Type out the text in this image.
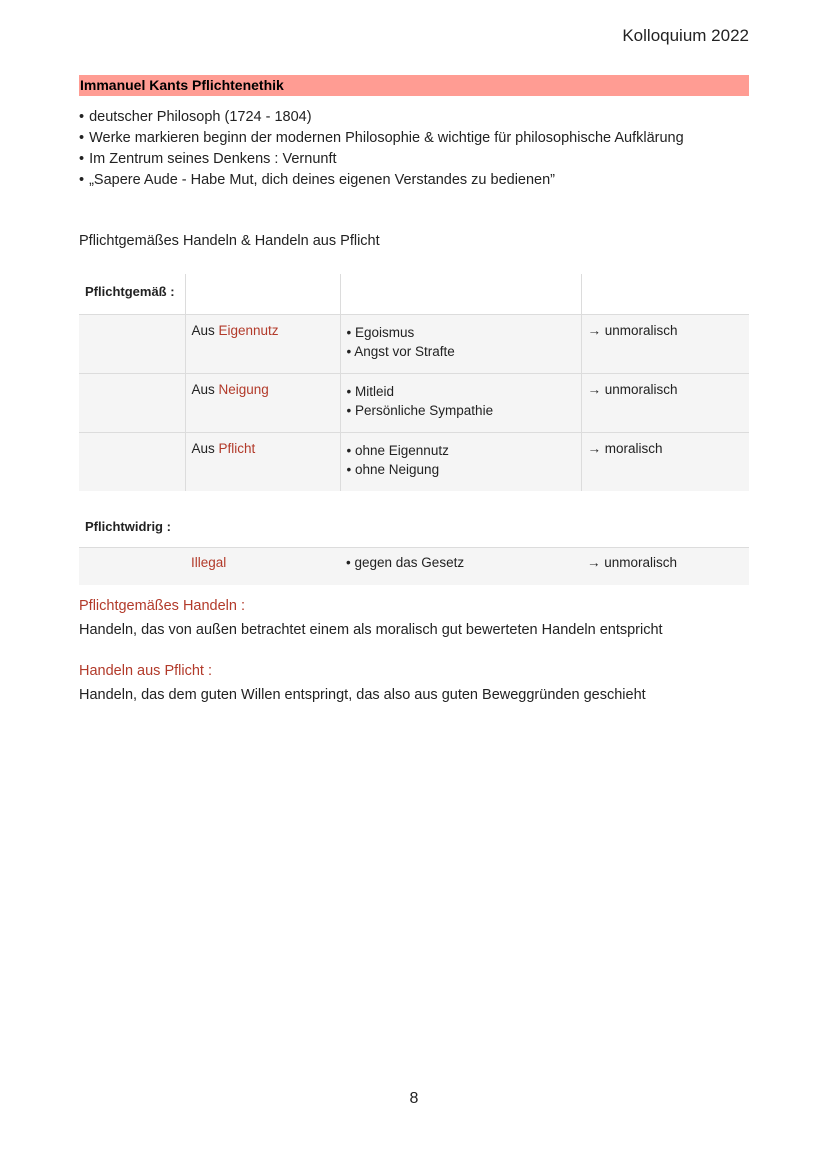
Kolloquium 2022
Immanuel Kants Pflichtenethik
• deutscher Philosoph (1724 - 1804)
• Werke markieren beginn der modernen Philosophie & wichtige für philosophische Aufklärung
• Im Zentrum seines Denkens : Vernunft
• „Sapere Aude - Habe Mut, dich deines eigenen Verstandes zu bedienen”
Pflichtgemäßes Handeln & Handeln aus Pflicht
Pflichtgemäß :			
	Aus Eigennutz	• Egoismus
• Angst vor Strafte	→ unmoralisch
	Aus Neigung	• Mitleid
• Persönliche Sympathie	→ unmoralisch
	Aus Pflicht	• ohne Eigennutz
• ohne Neigung	→ moralisch
Pflichtwidrig :			
	Illegal	• gegen das Gesetz	→ unmoralisch
Pflichtgemäßes Handeln :
Handeln, das von außen betrachtet einem als moralisch gut bewerteten Handeln entspricht
Handeln aus Pflicht :
Handeln, das dem guten Willen entspringt, das also aus guten Beweggründen geschieht
8
